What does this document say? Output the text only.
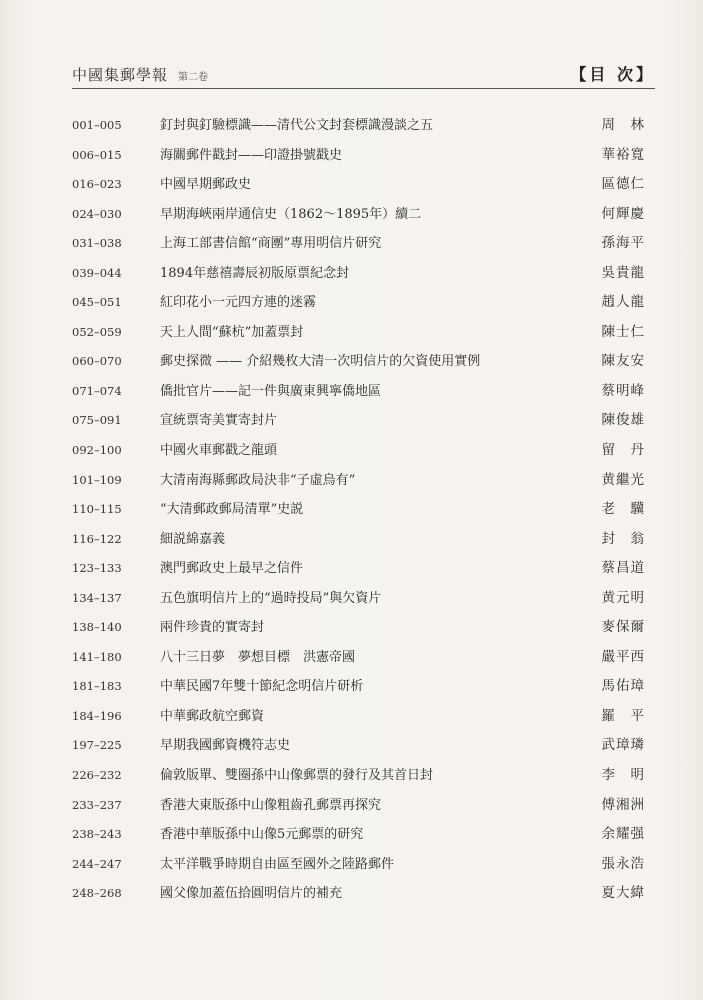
中國集郵學報 第二卷	【目 次】
001–005	釘封與釘驗標識——清代公文封套標識漫談之五	周　林
006–015	海關郵件戳封——印證掛號戳史	華裕寬
016–023	中國早期郵政史	區德仁
024–030	早期海峽兩岸通信史（1862～1895年）續二	何輝慶
031–038	上海工部書信館“商團”專用明信片研究	孫海平
039–044	1894年慈禧壽辰初版原票紀念封	吳貴龍
045–051	紅印花小一元四方連的迷霧	趙人龍
052–059	天上人間“蘇杭”加蓋票封	陳士仁
060–070	郵史探微 —— 介紹幾枚大清一次明信片的欠資使用實例	陳友安
071–074	僑批官片——記一件與廣東興寧僑地區	蔡明峰
075–091	宣統票寄美實寄封片	陳俊雄
092–100	中國火車郵戳之龍頭	留　丹
101–109	大清南海縣郵政局決非“子虛烏有”	黄繼光
110–115	“大清郵政郵局清單”史説	老　驥
116–122	細説綿嘉義	封　翁
123–133	澳門郵政史上最早之信件	蔡昌道
134–137	五色旗明信片上的“過時投局”與欠資片	黄元明
138–140	兩件珍貴的實寄封	麥保爾
141–180	八十三日夢　夢想目標　洪憲帝國	嚴平西
181–183	中華民國7年雙十節紀念明信片研析	馬佑璋
184–196	中華郵政航空郵資	羅　平
197–225	早期我國郵資機符志史	武璋璘
226–232	倫敦版單、雙圈孫中山像郵票的發行及其首日封	李　明
233–237	香港大東版孫中山像粗齒孔郵票再探究	傅湘洲
238–243	香港中華版孫中山像5元郵票的研究	余耀强
244–247	太平洋戰爭時期自由區至國外之陸路郵件	張永浩
248–268	國父像加蓋伍拾圓明信片的補充	夏大緯
